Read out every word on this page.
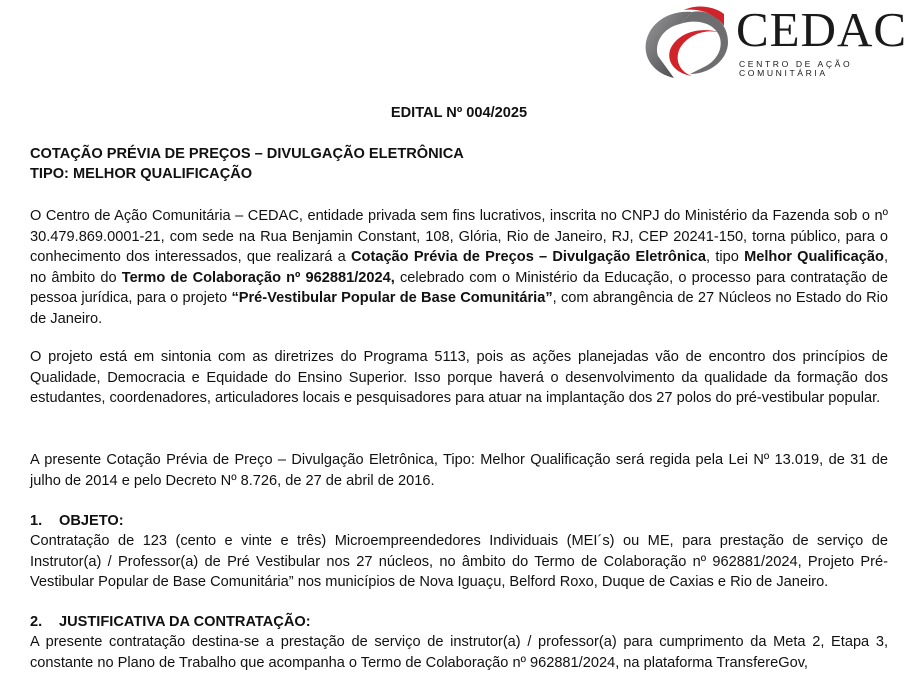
CEDAC
CENTRO DE AÇÃO
COMUNITÁRIA
EDITAL Nº 004/2025
COTAÇÃO PRÉVIA DE PREÇOS – DIVULGAÇÃO ELETRÔNICA
TIPO: MELHOR QUALIFICAÇÃO

O Centro de Ação Comunitária – CEDAC, entidade privada sem fins lucrativos, inscrita no CNPJ do Ministério da Fazenda sob o nº 30.479.869.0001-21, com sede na Rua Benjamin Constant, 108, Glória, Rio de Janeiro, RJ, CEP 20241-150, torna público, para o conhecimento dos interessados, que realizará a Cotação Prévia de Preços – Divulgação Eletrônica, tipo Melhor Qualificação, no âmbito do Termo de Colaboração nº 962881/2024, celebrado com o Ministério da Educação, o processo para contratação de pessoa jurídica, para o projeto “Pré-Vestibular Popular de Base Comunitária”, com abrangência de 27 Núcleos no Estado do Rio de Janeiro.

O projeto está em sintonia com as diretrizes do Programa 5113, pois as ações planejadas vão de encontro dos princípios de Qualidade, Democracia e Equidade do Ensino Superior. Isso porque haverá o desenvolvimento da qualidade da formação dos estudantes, coordenadores, articuladores locais e pesquisadores para atuar na implantação dos 27 polos do pré-vestibular popular.

A presente Cotação Prévia de Preço – Divulgação Eletrônica, Tipo: Melhor Qualificação será regida pela Lei Nº 13.019, de 31 de julho de 2014 e pelo Decreto Nº 8.726, de 27 de abril de 2016.

1. OBJETO:

Contratação de 123 (cento e vinte e três) Microempreendedores Individuais (MEI´s) ou ME, para prestação de serviço de Instrutor(a) / Professor(a) de Pré Vestibular nos 27 núcleos, no âmbito do Termo de Colaboração nº 962881/2024, Projeto Pré-Vestibular Popular de Base Comunitária” nos municípios de Nova Iguaçu, Belford Roxo, Duque de Caxias e Rio de Janeiro.

2. JUSTIFICATIVA DA CONTRATAÇÃO:

A presente contratação destina-se a prestação de serviço de instrutor(a) / professor(a) para cumprimento da Meta 2, Etapa 3, constante no Plano de Trabalho que acompanha o Termo de Colaboração nº 962881/2024, na plataforma TransfereGov,
